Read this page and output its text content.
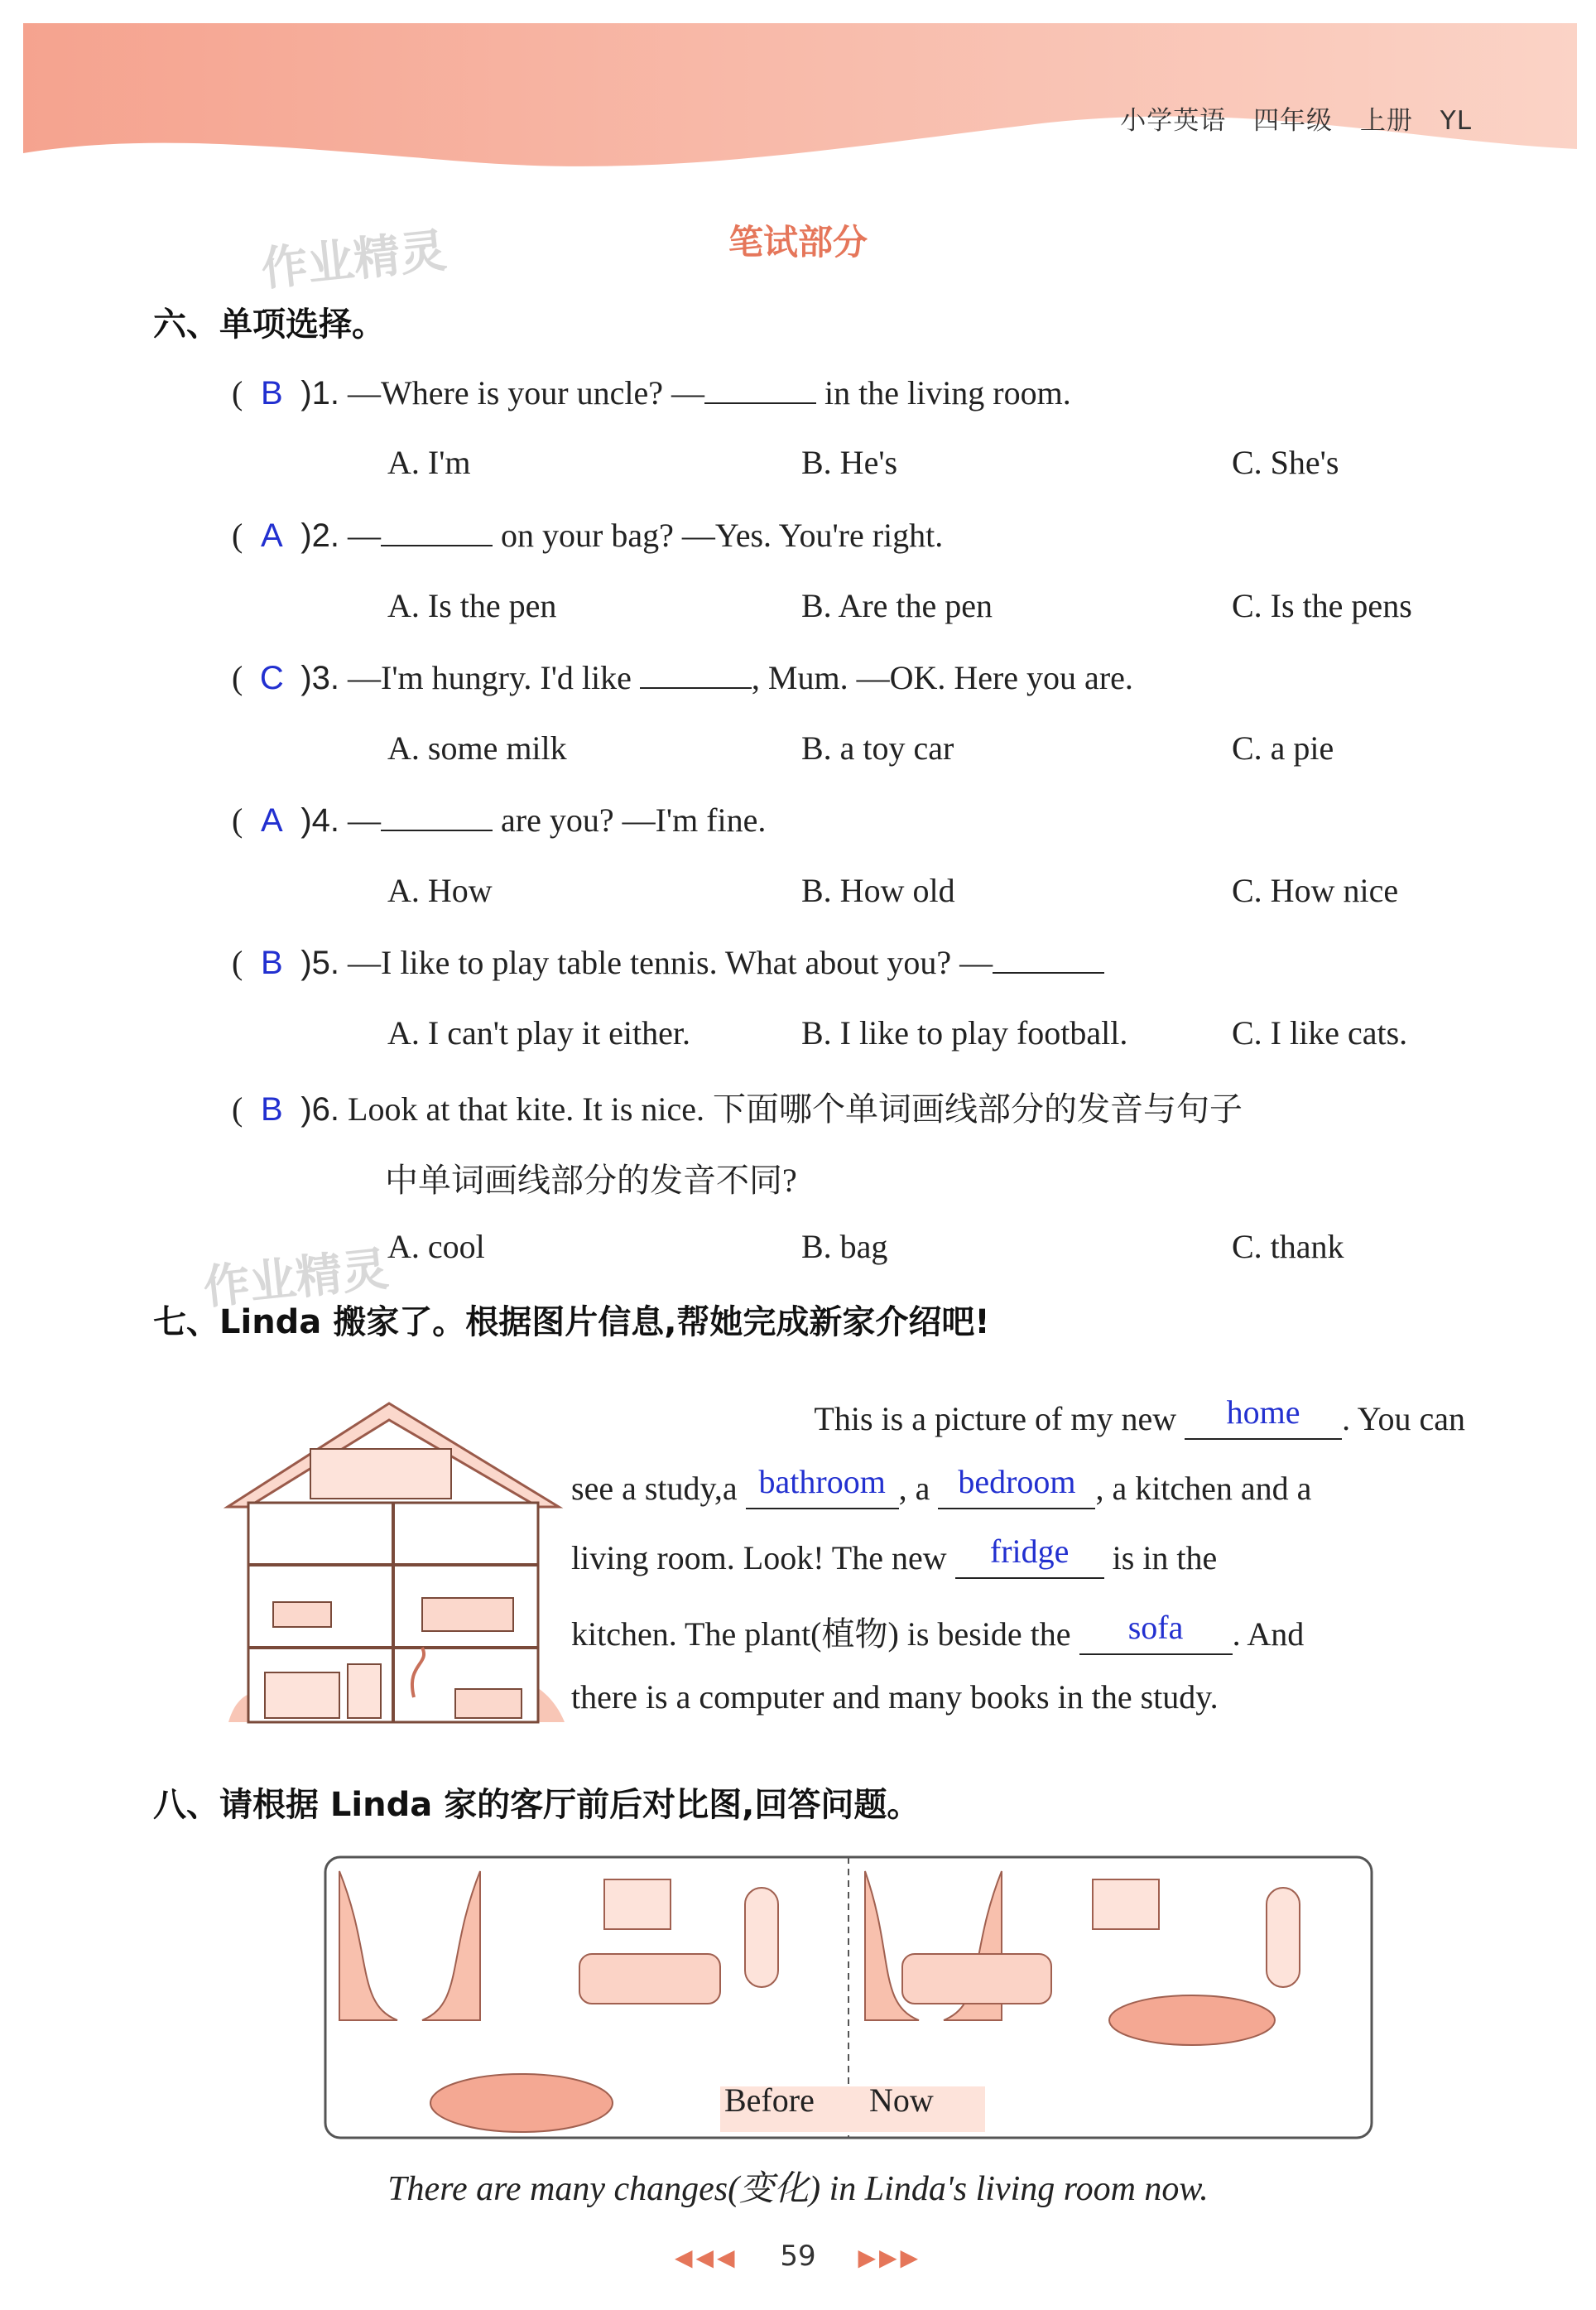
小学英语 四年级 上册 YL
作业精灵
作业精灵
笔试部分
六、单项选择。
( B )1. —Where is your uncle? —	in the living room.
A. I'm	B. He's	C. She's
( A )2. —	on your bag? —Yes. You're right.
A. Is the pen	B. Are the pen	C. Is the pens
( C )3. —I'm hungry. I'd like	, Mum. —OK. Here you are.
A. some milk	B. a toy car	C. a pie
( A )4. —	are you? —I'm fine.
A. How	B. How old	C. How nice
( B )5. —I like to play table tennis. What about you? —
A. I can't play it either.	B. I like to play football.	C. I like cats.
( B )6. Look at that kite. It is nice. 下面哪个单词画线部分的发音与句子
中单词画线部分的发音不同?
A. cool	B. bag	C. thank
七、Linda 搬家了。根据图片信息,帮她完成新家介绍吧!
This is a picture of my new home . You can
see a study,a bathroom , a bedroom , a kitchen and a
living room. Look! The new fridge is in the
kitchen. The plant(植物) is beside the sofa . And
there is a computer and many books in the study.
八、请根据 Linda 家的客厅前后对比图,回答问题。
Before Now
There are many changes(变化) in Linda's living room now.
◀◀◀ 59 ▶▶▶
